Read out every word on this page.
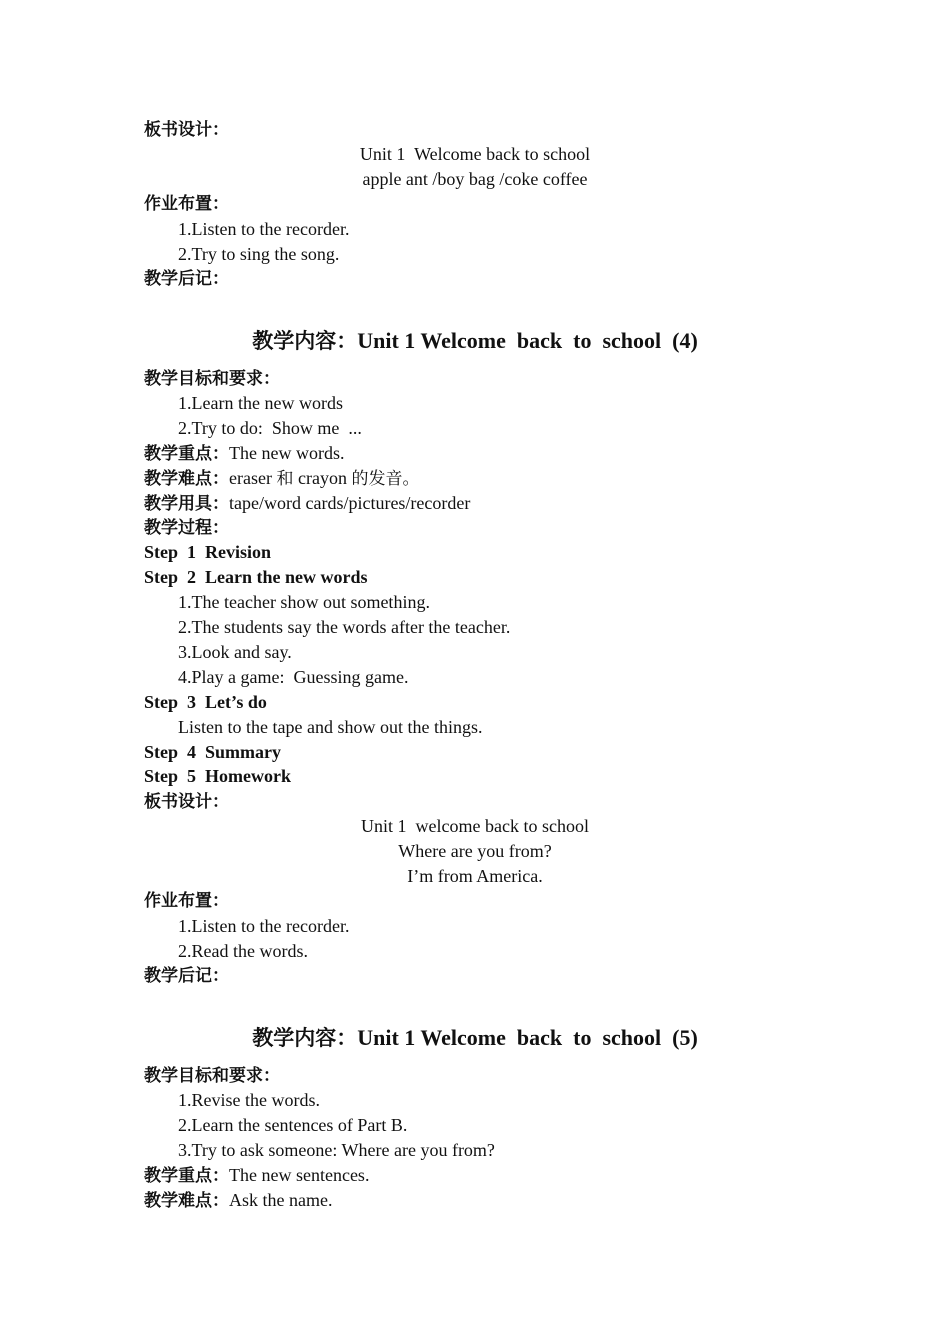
板书设计：
Unit 1  Welcome back to school
apple ant /boy bag /coke coffee
作业布置：
1.Listen to the recorder.
2.Try to sing the song.
教学后记：
教学内容：Unit 1 Welcome  back  to  school  (4)
教学目标和要求：
1.Learn the new words
2.Try to do:  Show me  ...
教学重点：The new words.
教学难点：eraser 和 crayon 的发音。
教学用具：tape/word cards/pictures/recorder
教学过程：
Step  1  Revision
Step  2  Learn the new words
1.The teacher show out something.
2.The students say the words after the teacher.
3.Look and say.
4.Play a game:  Guessing game.
Step  3  Let’s do
Listen to the tape and show out the things.
Step  4  Summary
Step  5  Homework
板书设计：
Unit 1  welcome back to school
Where are you from?
I’m from America.
作业布置：
1.Listen to the recorder.
2.Read the words.
教学后记：
教学内容：Unit 1 Welcome  back  to  school  (5)
教学目标和要求：
1.Revise the words.
2.Learn the sentences of Part B.
3.Try to ask someone: Where are you from?
教学重点：The new sentences.
教学难点：Ask the name.
